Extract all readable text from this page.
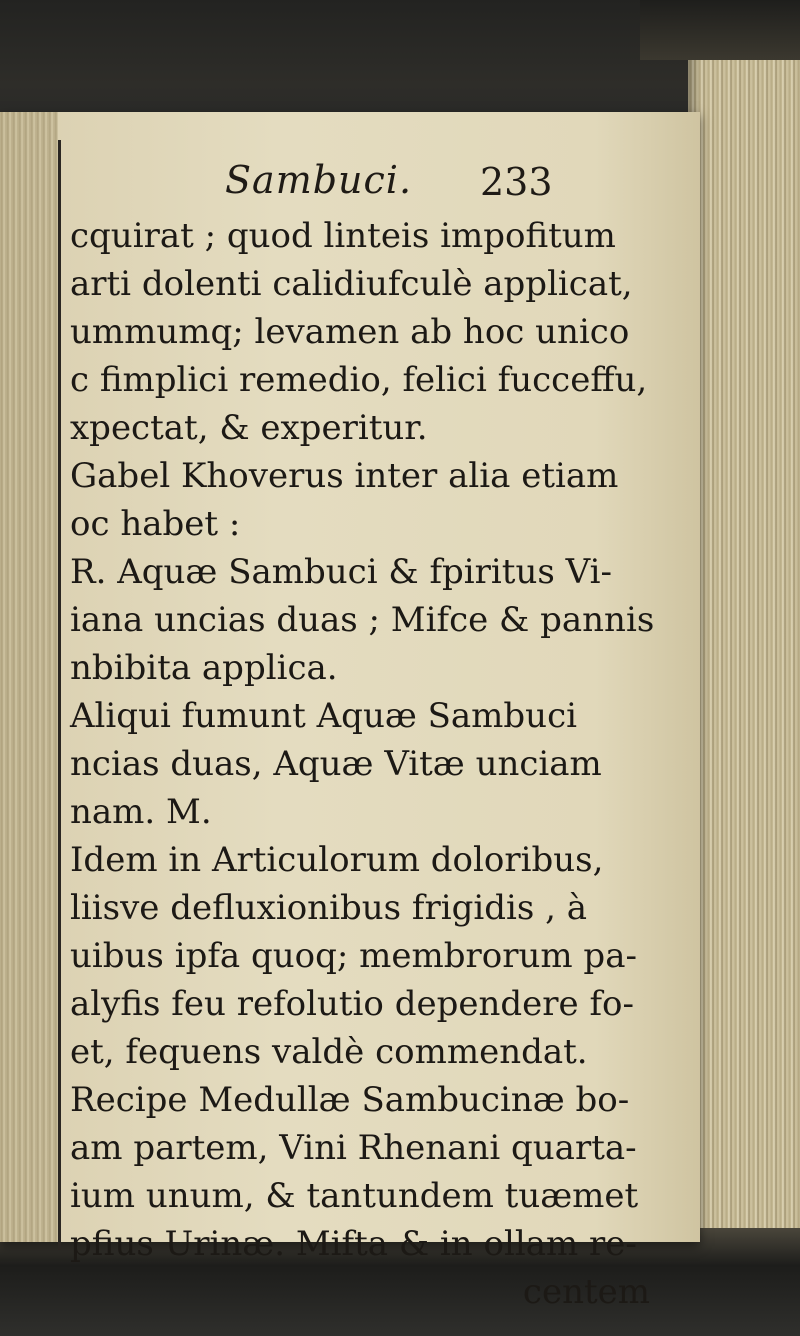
Sambuci. 233
cquirat ; quod linteis impofitum
arti dolenti calidiufculè applicat,
ummumq; levamen ab hoc unico
c fimplici remedio, felici fucceffu,
xpectat, & experitur.
Gabel Khoverus inter alia etiam
oc habet :
R. Aquæ Sambuci & fpiritus Vi-
iana uncias duas ; Mifce & pannis
nbibita applica.
Aliqui fumunt Aquæ Sambuci
ncias duas, Aquæ Vitæ unciam
nam. M.
Idem in Articulorum doloribus,
liisve defluxionibus frigidis , à
uibus ipfa quoq; membrorum pa-
alyfis feu refolutio dependere fo-
et, fequens valdè commendat.
Recipe Medullæ Sambucinæ bo-
am partem, Vini Rhenani quarta-
ium unum, & tantundem tuæmet
pfius Urinæ. Mifta & in ollam re-
centem
